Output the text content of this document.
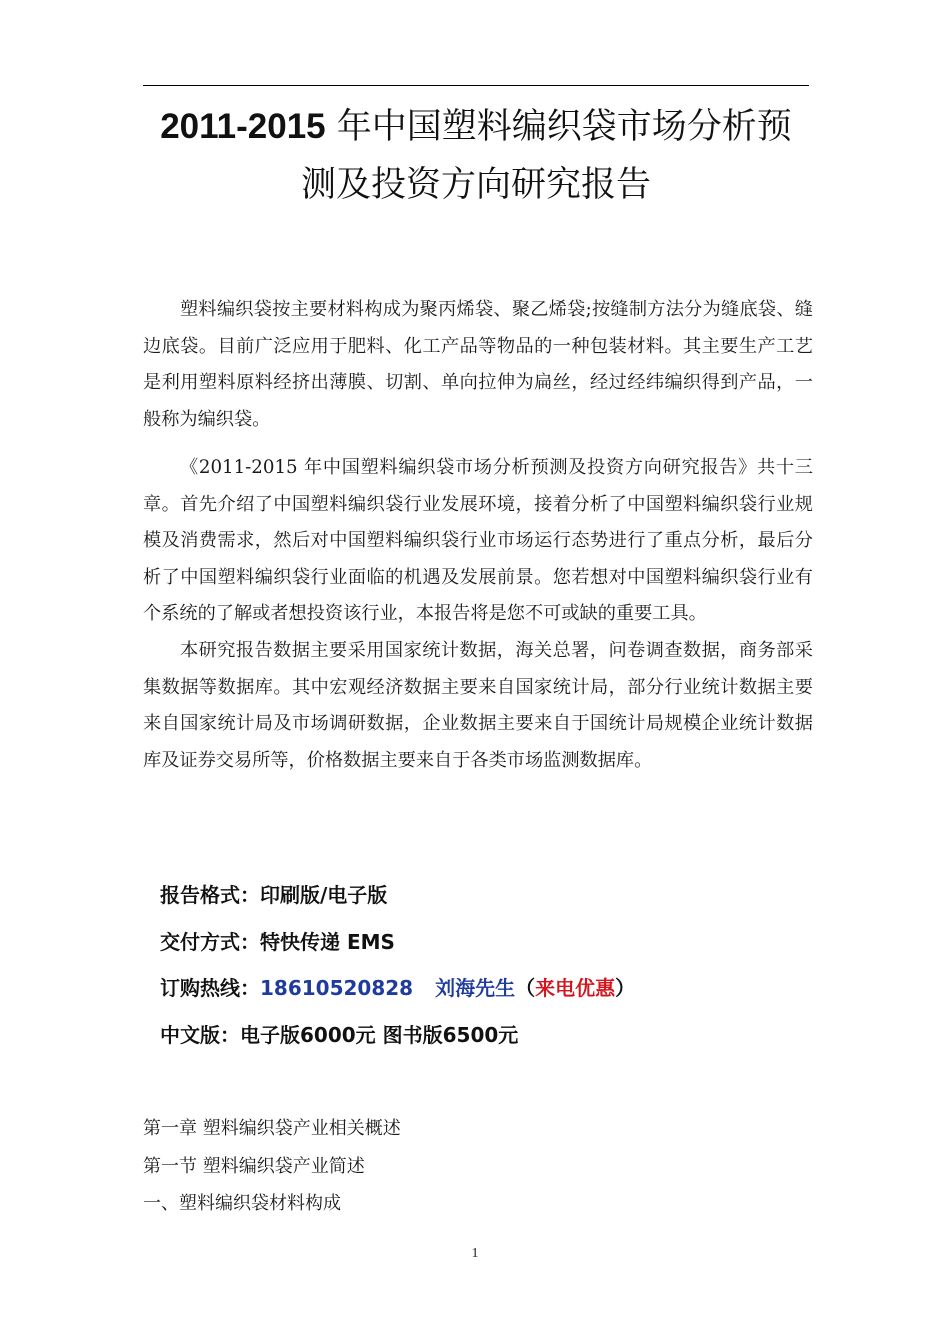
2011-2015 年中国塑料编织袋市场分析预
测及投资方向研究报告

塑料编织袋按主要材料构成为聚丙烯袋、聚乙烯袋;按缝制方法分为缝底袋、缝边底袋。目前广泛应用于肥料、化工产品等物品的一种包装材料。其主要生产工艺是利用塑料原料经挤出薄膜、切割、单向拉伸为扁丝，经过经纬编织得到产品，一般称为编织袋。

《2011-2015 年中国塑料编织袋市场分析预测及投资方向研究报告》共十三章。首先介绍了中国塑料编织袋行业发展环境，接着分析了中国塑料编织袋行业规模及消费需求，然后对中国塑料编织袋行业市场运行态势进行了重点分析，最后分析了中国塑料编织袋行业面临的机遇及发展前景。您若想对中国塑料编织袋行业有个系统的了解或者想投资该行业，本报告将是您不可或缺的重要工具。

本研究报告数据主要采用国家统计数据，海关总署，问卷调查数据，商务部采集数据等数据库。其中宏观经济数据主要来自国家统计局，部分行业统计数据主要来自国家统计局及市场调研数据，企业数据主要来自于国统计局规模企业统计数据库及证券交易所等，价格数据主要来自于各类市场监测数据库。

报告格式：印刷版/电子版
交付方式：特快传递 EMS
订购热线：18610520828 刘海先生（来电优惠）
中文版：电子版6000元 图书版6500元
第一章 塑料编织袋产业相关概述
第一节 塑料编织袋产业简述
一、塑料编织袋材料构成
1
